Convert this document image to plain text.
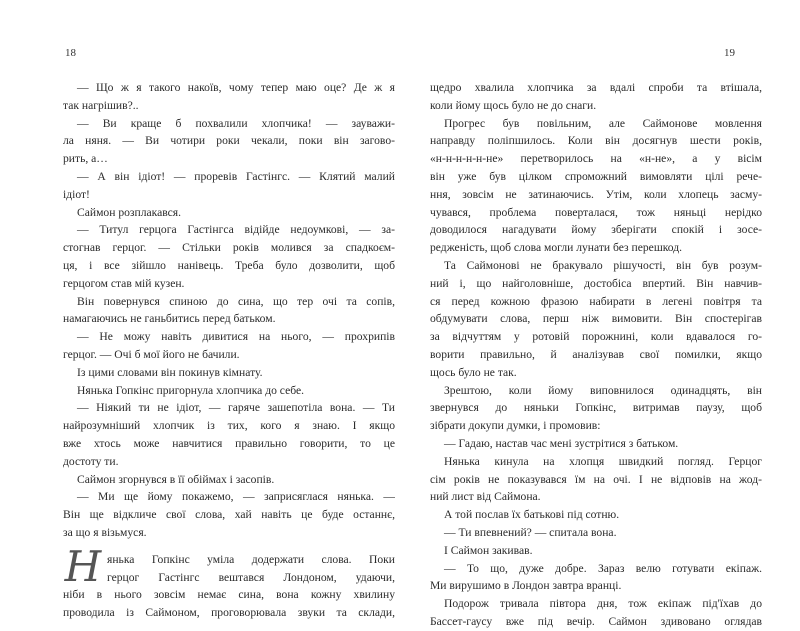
18	19
— Що ж я такого накоїв, чому тепер маю оце? Де ж я
так нагрішив?..
— Ви краще б похвалили хлопчика! — зауважи-
ла няня. — Ви чотири роки чекали, поки він загово-
рить, а…
— А він ідіот! — проревів Гастінгс. — Клятий малий
ідіот!
Саймон розплакався.
— Титул герцога Гастінгса відійде недоумкові, — за-
стогнав герцог. — Стільки років молився за спадкоєм-
ця, і все зійшло нанівець. Треба було дозволити, щоб
герцогом став мій кузен.
Він повернувся спиною до сина, що тер очі та сопів,
намагаючись не ганьбитись перед батьком.
— Не можу навіть дивитися на нього, — прохрипів
герцог. — Очі б мої його не бачили.
Із цими словами він покинув кімнату.
Нянька Гопкінс пригорнула хлопчика до себе.
— Ніякий ти не ідіот, — гаряче зашепотіла вона. — Ти
найрозумніший хлопчик із тих, кого я знаю. І якщо
вже хтось може навчитися правильно говорити, то це
достоту ти.
Саймон згорнувся в її обіймах і засопів.
— Ми ще йому покажемо, — заприсяглася нянька. —
Він ще відкличе свої слова, хай навіть це буде останнє,
за що я візьмуся.
Н янька Гопкінс уміла додержати слова. Поки
герцог Гастінгс вештався Лондоном, удаючи,
ніби в нього зовсім немає сина, вона кожну хвилину
проводила із Саймоном, проговорювала звуки та склади,
щедро хвалила хлопчика за вдалі спроби та втішала,
коли йому щось було не до снаги.
Прогрес був повільним, але Саймонове мовлення
направду поліпшилось. Коли він досягнув шести років,
«н-н-н-н-н-не» перетворилось на «н-не», а у вісім
він уже був цілком спроможний вимовляти цілі рече-
ння, зовсім не затинаючись. Утім, коли хлопець засму-
чувався, проблема поверталася, тож няньці нерідко
доводилося нагадувати йому зберігати спокій і зосе-
редженість, щоб слова могли лунати без перешкод.
Та Саймонові не бракувало рішучості, він був розум-
ний і, що найголовніше, достобіса впертий. Він навчив-
ся перед кожною фразою набирати в легені повітря та
обдумувати слова, перш ніж вимовити. Він спостерігав
за відчуттям у ротовій порожнині, коли вдавалося го-
ворити правильно, й аналізував свої помилки, якщо
щось було не так.
Зрештою, коли йому виповнилося одинадцять, він
звернувся до няньки Гопкінс, витримав паузу, щоб
зібрати докупи думки, і промовив:
— Гадаю, настав час мені зустрітися з батьком.
Нянька кинула на хлопця швидкий погляд. Герцог
сім років не показувався їм на очі. І не відповів на жод-
ний лист від Саймона.
А той послав їх батькові під сотню.
— Ти впевнений? — спитала вона.
І Саймон закивав.
— То що, дуже добре. Зараз велю готувати екіпаж.
Ми вирушимо в Лондон завтра вранці.
Подорож тривала півтора дня, тож екіпаж під'їхав до
Бассет-гаусу вже під вечір. Саймон здивовано оглядав
